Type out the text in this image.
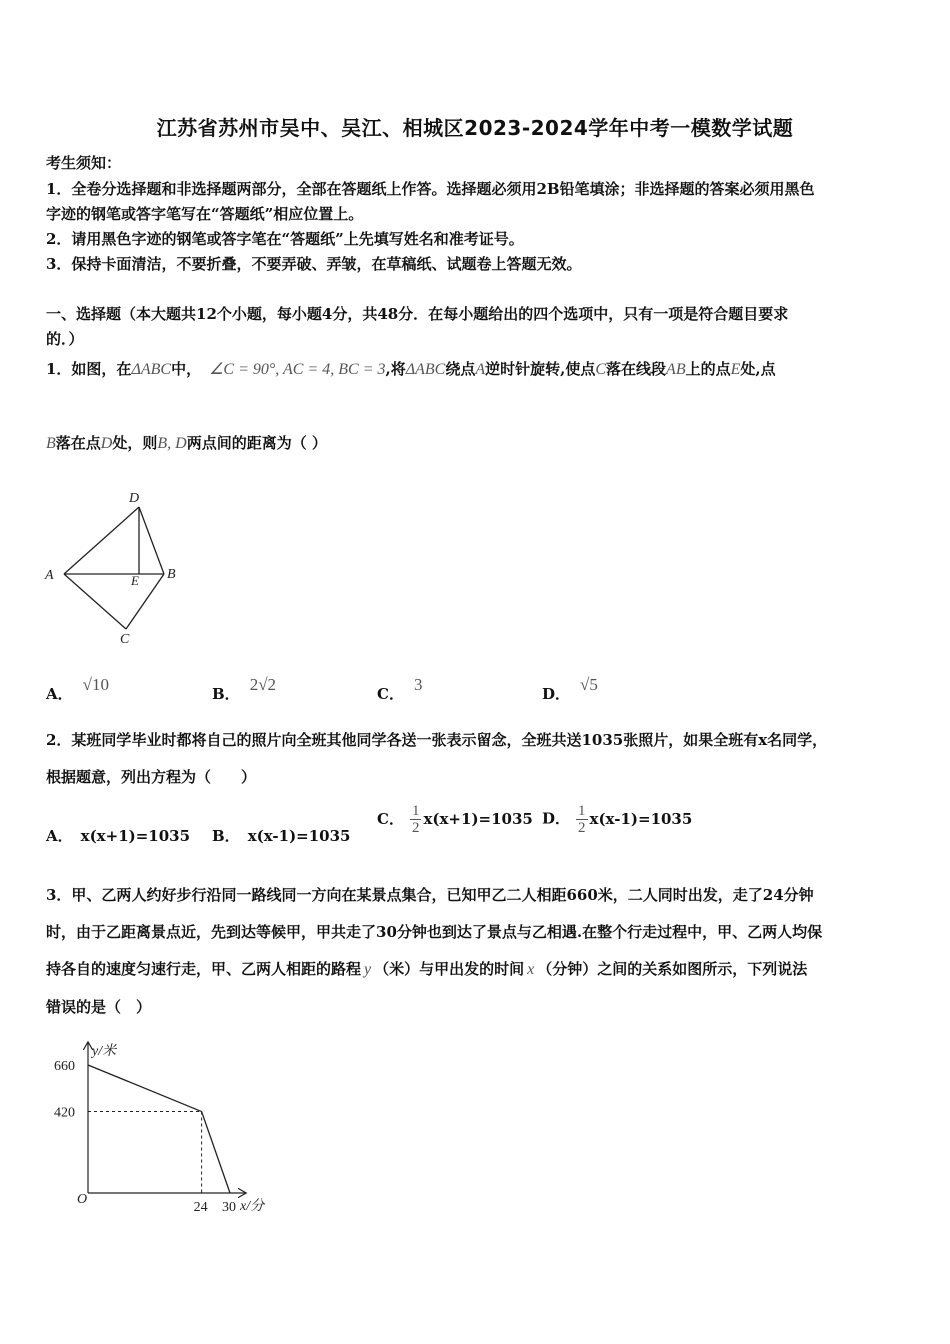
江苏省苏州市吴中、吴江、相城区2023-2024学年中考一模数学试题
考生须知：
1．全卷分选择题和非选择题两部分，全部在答题纸上作答。选择题必须用2B铅笔填涂；非选择题的答案必须用黑色
字迹的钢笔或答字笔写在“答题纸”相应位置上。
2．请用黑色字迹的钢笔或答字笔在“答题纸”上先填写姓名和准考证号。
3．保持卡面清洁，不要折叠，不要弄破、弄皱，在草稿纸、试题卷上答题无效。
一、选择题（本大题共12个小题，每小题4分，共48分．在每小题给出的四个选项中，只有一项是符合题目要求
的．）
1．如图，在ΔABC中， ∠C = 90°, AC = 4, BC = 3,将ΔABC绕点A逆时针旋转,使点C落在线段AB上的点E处,点
B落在点D处，则B, D两点间的距离为（ ）
D
A	E B
C
A． √10	B． 2√2	C． 3	D． √5
2．某班同学毕业时都将自己的照片向全班其他同学各送一张表示留念，全班共送1035张照片，如果全班有x名同学，
根据题意，列出方程为（　　）
A． x(x+1)=1035 B． x(x-1)=1035
C． $\frac{1}{2} x(x+1)=1035$ D． $\frac{1}{2} x(x-1)=1035$
3．甲、乙两人约好步行沿同一路线同一方向在某景点集合，已知甲乙二人相距660米，二人同时出发，走了24分钟
时，由于乙距离景点近，先到达等候甲，甲共走了30分钟也到达了景点与乙相遇.在整个行走过程中，甲、乙两人均保
持各自的速度匀速行走，甲、乙两人相距的路程 y （米）与甲出发的时间 x （分钟）之间的关系如图所示，下列说法
错误的是（　）
y/米
x/分
O
660
420
24 30
